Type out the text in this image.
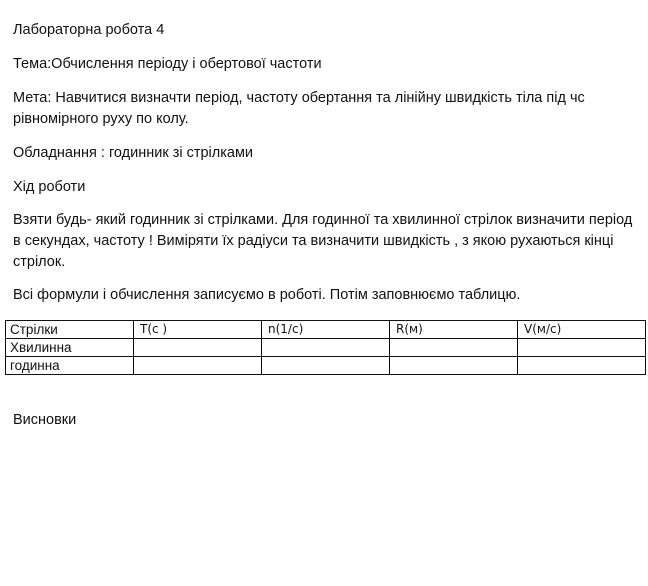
Лабораторна робота 4
Тема:Обчислення періоду і обертової частоти
Мета: Навчитися визначти період, частоту обертання та лінійну швидкість тіла під чс рівномірного руху по колу.
Обладнання : годинник зі стрілками
Хід роботи
Взяти будь- який годинник зі стрілками. Для годинної та хвилинної стрілок визначити період в секундах, частоту ! Виміряти їх радіуси та визначити швидкість , з якою рухаються кінці стрілок.
Всі формули і обчислення записуємо в роботі. Потім заповнюємо таблицю.
Стрілки	T(c )	n(1/c)	R(м)	V(м/с)
Хвилинна				
годинна				
Висновки
